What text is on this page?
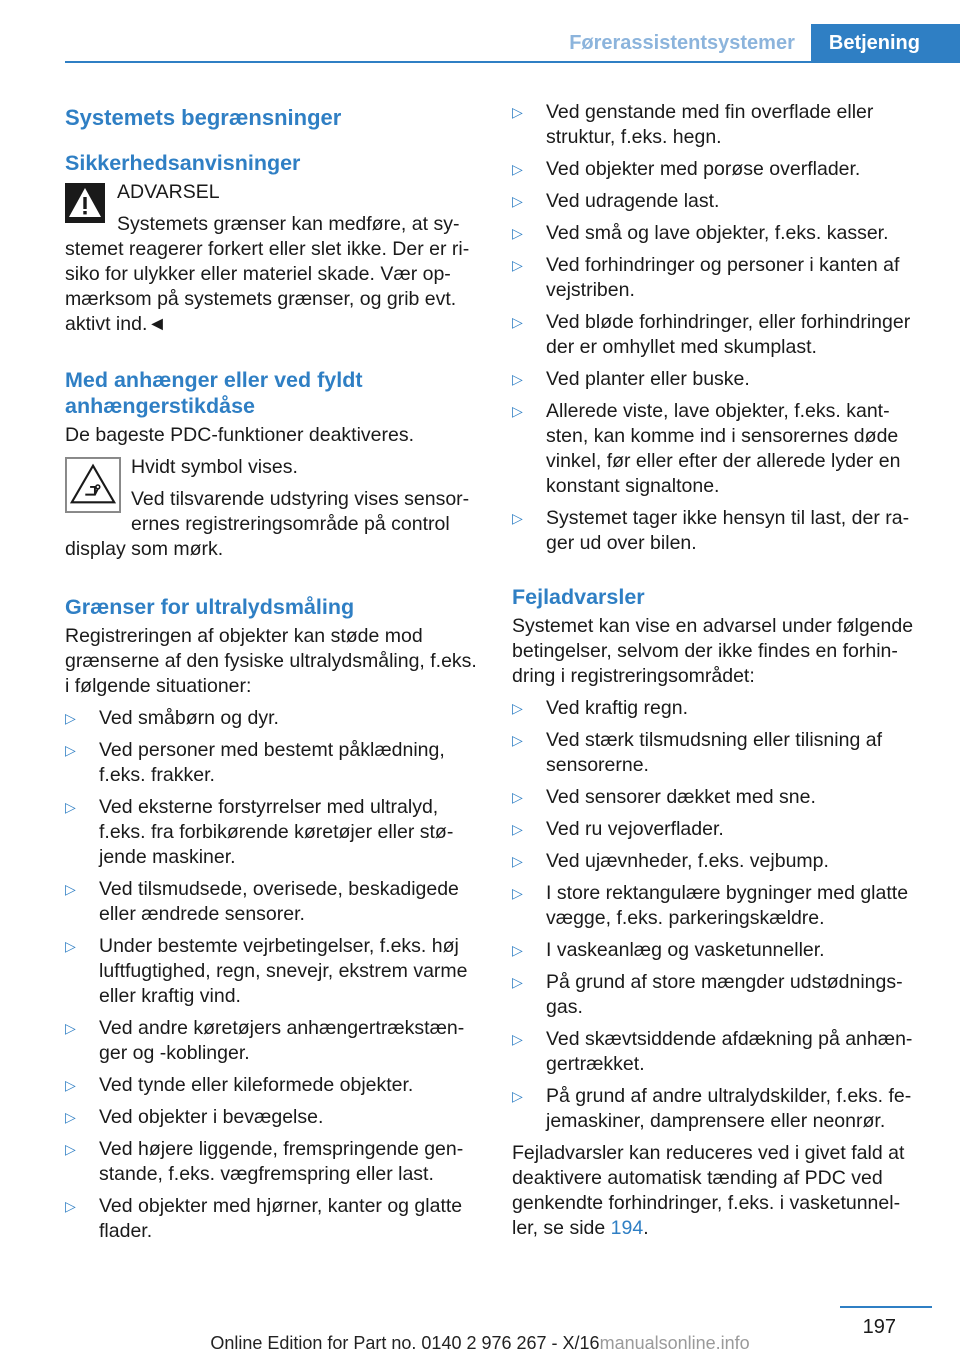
Førerassistentsystemer	Betjening
Systemets begrænsninger
Sikkerhedsanvisninger
ADVARSEL
Systemets grænser kan medføre, at sy-stemet reagerer forkert eller slet ikke. Der er ri-siko for ulykker eller materiel skade. Vær op-mærksom på systemets grænser, og grib evt. aktivt ind.◄
Med anhænger eller ved fyldt anhængerstikdåse

De bageste PDC-funktioner deaktiveres.

Hvidt symbol vises.
Ved tilsvarende udstyring vises sensor-ernes registreringsområde på control display som mørk.
Grænser for ultralydsmåling

Registreringen af objekter kan støde mod grænserne af den fysiske ultralydsmåling, f.eks. i følgende situationer:

▷ Ved småbørn og dyr.
▷ Ved personer med bestemt påklædning, f.eks. frakker.
▷ Ved eksterne forstyrrelser med ultralyd, f.eks. fra forbikørende køretøjer eller stø-jende maskiner.
▷ Ved tilsmudsede, overisede, beskadigede eller ændrede sensorer.
▷ Under bestemte vejrbetingelser, f.eks. høj luftfugtighed, regn, snevejr, ekstrem varme eller kraftig vind.
▷ Ved andre køretøjers anhængertrækstæn-ger og -koblinger.
▷ Ved tynde eller kileformede objekter.
▷ Ved objekter i bevægelse.
▷ Ved højere liggende, fremspringende gen-stande, f.eks. vægfremspring eller last.
▷ Ved objekter med hjørner, kanter og glatte flader.
▷ Ved genstande med fin overflade eller struktur, f.eks. hegn.
▷ Ved objekter med porøse overflader.
▷ Ved udragende last.
▷ Ved små og lave objekter, f.eks. kasser.
▷ Ved forhindringer og personer i kanten af vejstriben.
▷ Ved bløde forhindringer, eller forhindringer der er omhyllet med skumplast.
▷ Ved planter eller buske.
▷ Allerede viste, lave objekter, f.eks. kant-sten, kan komme ind i sensorernes døde vinkel, før eller efter der allerede lyder en konstant signaltone.
▷ Systemet tager ikke hensyn til last, der ra-ger ud over bilen.
Fejladvarsler

Systemet kan vise en advarsel under følgende betingelser, selvom der ikke findes en forhin-dring i registreringsområdet:

▷ Ved kraftig regn.
▷ Ved stærk tilsmudsning eller tilisning af sensorerne.
▷ Ved sensorer dækket med sne.
▷ Ved ru vejoverflader.
▷ Ved ujævnheder, f.eks. vejbump.
▷ I store rektangulære bygninger med glatte vægge, f.eks. parkeringskældre.
▷ I vaskeanlæg og vasketunneller.
▷ På grund af store mængder udstødnings-gas.
▷ Ved skævtsiddende afdækning på anhæn-gertrækket.
▷ På grund af andre ultralydskilder, f.eks. fe-jemaskiner, damprensere eller neonrør.

Fejladvarsler kan reduceres ved i givet fald at deaktivere automatisk tænding af PDC ved genkendte forhindringer, f.eks. i vasketunnel-ler, se side 194.

197
Online Edition for Part no. 0140 2 976 267 - X/16manualsonline.info
